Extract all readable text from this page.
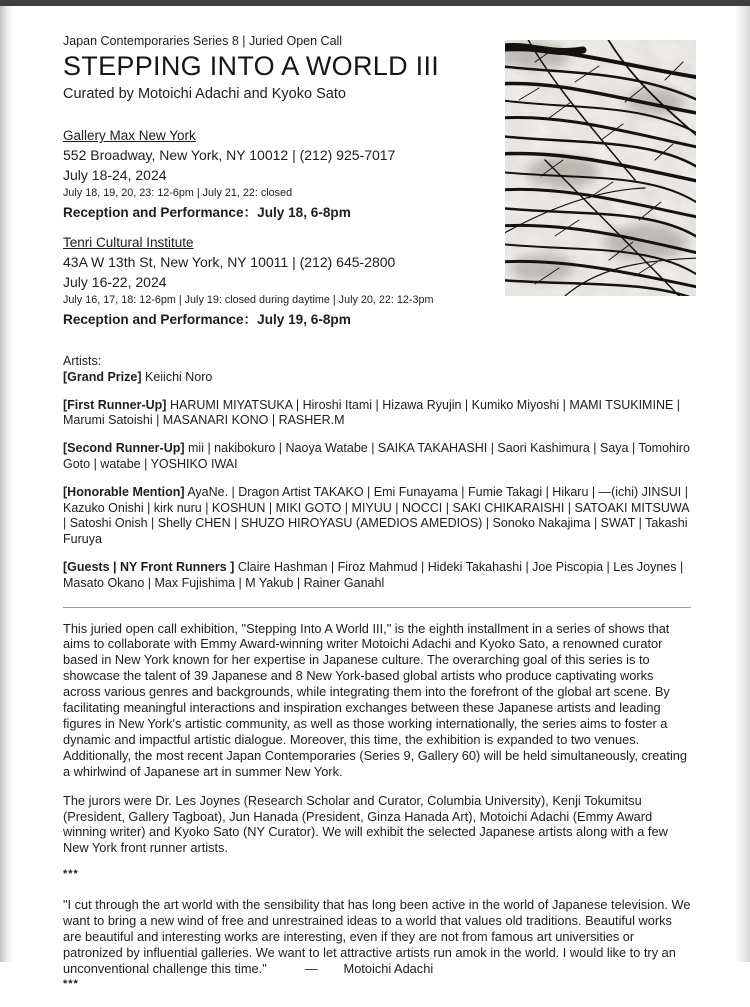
Japan Contemporaries Series 8 | Juried Open Call
STEPPING INTO A WORLD III
Curated by Motoichi Adachi and Kyoko Sato
Gallery Max New York
552 Broadway, New York, NY 10012 | (212) 925-7017
July 18-24, 2024
July 18, 19, 20, 23: 12-6pm | July 21, 22: closed
Reception and Performance：July 18, 6-8pm
Tenri Cultural Institute
43A W 13th St, New York, NY 10011 | (212) 645-2800
July 16-22, 2024
July 16, 17, 18: 12-6pm | July 19: closed during daytime | July 20, 22: 12-3pm
Reception and Performance：July 19, 6-8pm

Artists:

[Grand Prize] Keiichi Noro

[First Runner-Up] HARUMI MIYATSUKA | Hiroshi Itami | Hizawa Ryujin | Kumiko Miyoshi | MAMI TSUKIMINE | Marumi Satoishi | MASANARI KONO | RASHER.M

[Second Runner-Up] mii | nakibokuro | Naoya Watabe | SAIKA TAKAHASHI | Saori Kashimura | Saya | Tomohiro Goto | watabe | YOSHIKO IWAI

[Honorable Mention] AyaNe. | Dragon Artist TAKAKO | Emi Funayama | Fumie Takagi | Hikaru | —(ichi) JINSUI | Kazuko Onishi | kirk nuru | KOSHUN | MIKI GOTO | MIYUU | NOCCI | SAKI CHIKARAISHI | SATOAKI MITSUWA | Satoshi Onish | Shelly CHEN | SHUZO HIROYASU (AMEDIOS AMEDIOS) | Sonoko Nakajima | SWAT | Takashi Furuya

[Guests | NY Front Runners ] Claire Hashman | Firoz Mahmud | Hideki Takahashi | Joe Piscopia | Les Joynes | Masato Okano | Max Fujishima | M Yakub | Rainer Ganahl

This juried open call exhibition, "Stepping Into A World III," is the eighth installment in a series of shows that aims to collaborate with Emmy Award-winning writer Motoichi Adachi and Kyoko Sato, a renowned curator based in New York known for her expertise in Japanese culture. The overarching goal of this series is to showcase the talent of 39 Japanese and 8 New York-based global artists who produce captivating works across various genres and backgrounds, while integrating them into the forefront of the global art scene. By facilitating meaningful interactions and inspiration exchanges between these Japanese artists and leading figures in New York's artistic community, as well as those working internationally, the series aims to foster a dynamic and impactful artistic dialogue. Moreover, this time, the exhibition is expanded to two venues. Additionally, the most recent Japan Contemporaries (Series 9, Gallery 60) will be held simultaneously, creating a whirlwind of Japanese art in summer New York.

The jurors were Dr. Les Joynes (Research Scholar and Curator, Columbia University), Kenji Tokumitsu (President, Gallery Tagboat), Jun Hanada (President, Ginza Hanada Art), Motoichi Adachi (Emmy Award winning writer) and Kyoko Sato (NY Curator). We will exhibit the selected Japanese artists along with a few New York front runner artists.

***

"I cut through the art world with the sensibility that has long been active in the world of Japanese television. We want to bring a new wind of free and unrestrained ideas to a world that values old traditions. Beautiful works are beautiful and interesting works are interesting, even if they are not from famous art universities or patronized by influential galleries. We want to let attractive artists run amok in the world. I would like to try an unconventional challenge this time."	— Motoichi Adachi

***
